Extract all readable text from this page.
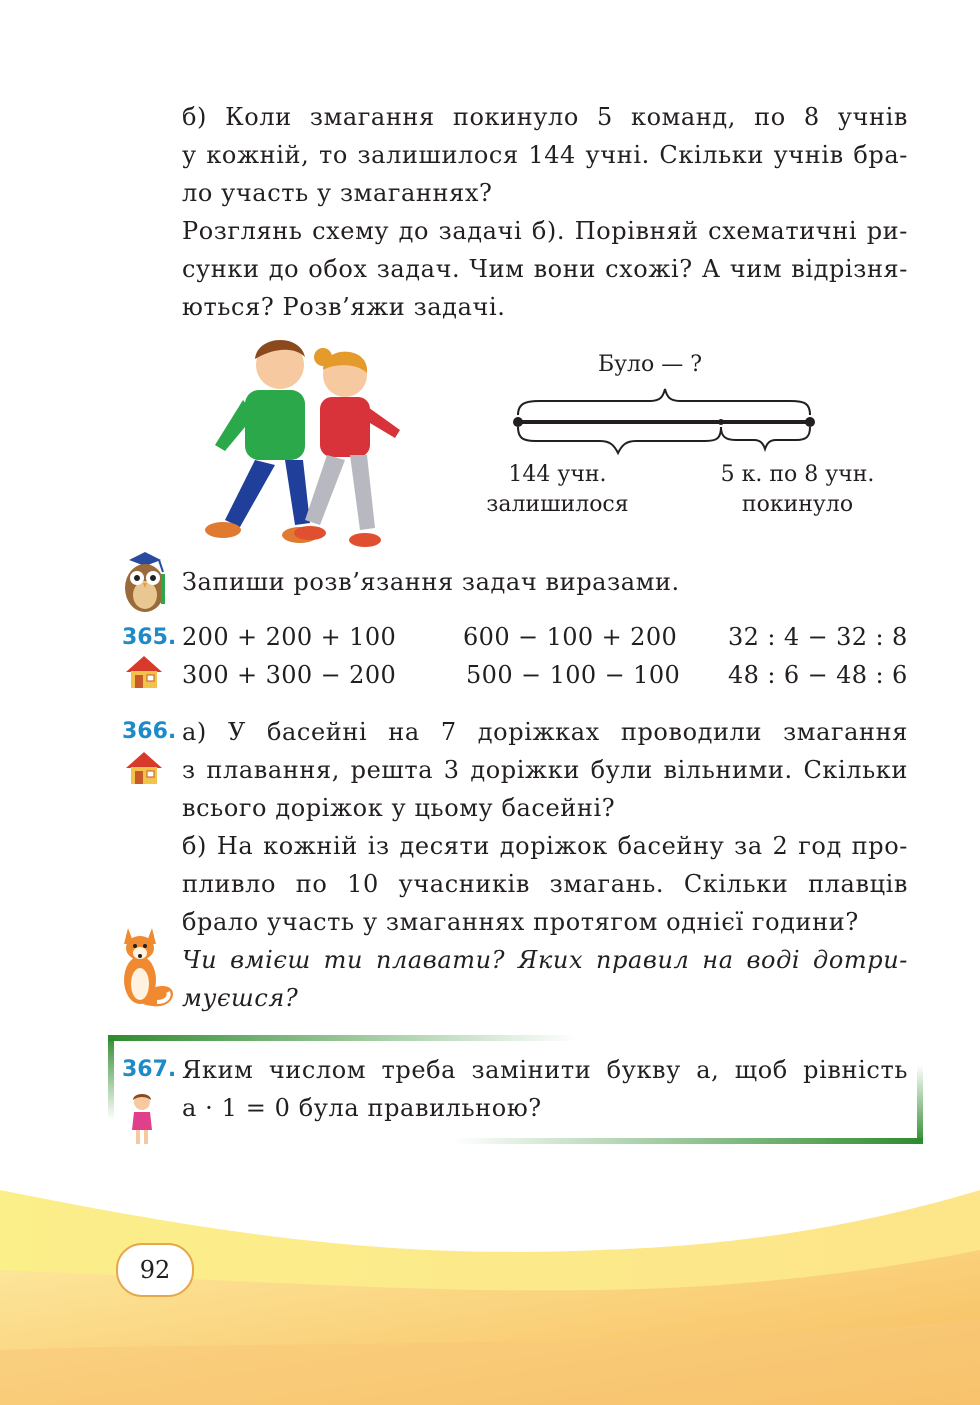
б) Коли змагання покинуло 5 команд, по 8 учнів
у кожній, то залишилося 144 учні. Скільки учнів бра-
ло участь у змаганнях?
Розглянь схему до задачі б). Порівняй схематичні ри-
сунки до обох задач. Чим вони схожі? А чим відрізня-
ються? Розв’яжи задачі.
Було — ?
144 учн.
залишилося
5 к. по 8 учн.
покинуло
Запиши розв’язання задач виразами.
365. 200 + 200 + 100	600 − 100 + 200 32 : 4 − 32 : 8
300 + 300 − 200	500 − 100 − 100 48 : 6 − 48 : 6
366. а) У басейні на 7 доріжках проводили змагання
з плавання, решта 3 доріжки були вільними. Скільки
всього доріжок у цьому басейні?
б) На кожній із десяти доріжок басейну за 2 год про-
пливло по 10 учасників змагань. Скільки плавців
брало участь у змаганнях протягом однієї години?
Чи вмієш ти плавати? Яких правил на воді дотри-
муєшся?
367. Яким числом треба замінити букву a, щоб рівність
a · 1 = 0 була правильною?
92
